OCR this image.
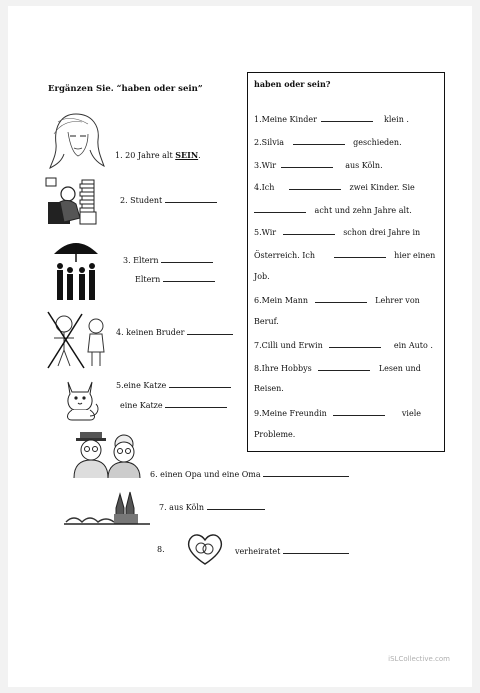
Ergänzen Sie. “haben oder sein”
1. 20 Jahre alt SEIN.
2. Student
3. Eltern
Eltern
4. keinen Bruder
5.eine Katze
eine Katze
6. einen Opa und eine Oma
7. aus Köln
8.	verheiratet
haben oder sein?
1.Meine Kinder	klein .
2.Silvia	geschieden.
3.Wir	aus Köln.
4.Ich	zwei Kinder. Sie
acht und zehn Jahre alt.
5.Wir	schon drei Jahre in
Österreich. Ich	hier einen
Job.
6.Mein Mann	Lehrer von
Beruf.
7.Cilli und Erwin	ein Auto .
8.Ihre Hobbys	Lesen und
Reisen.
9.Meine Freundin	viele
Probleme.
iSLCollective.com
